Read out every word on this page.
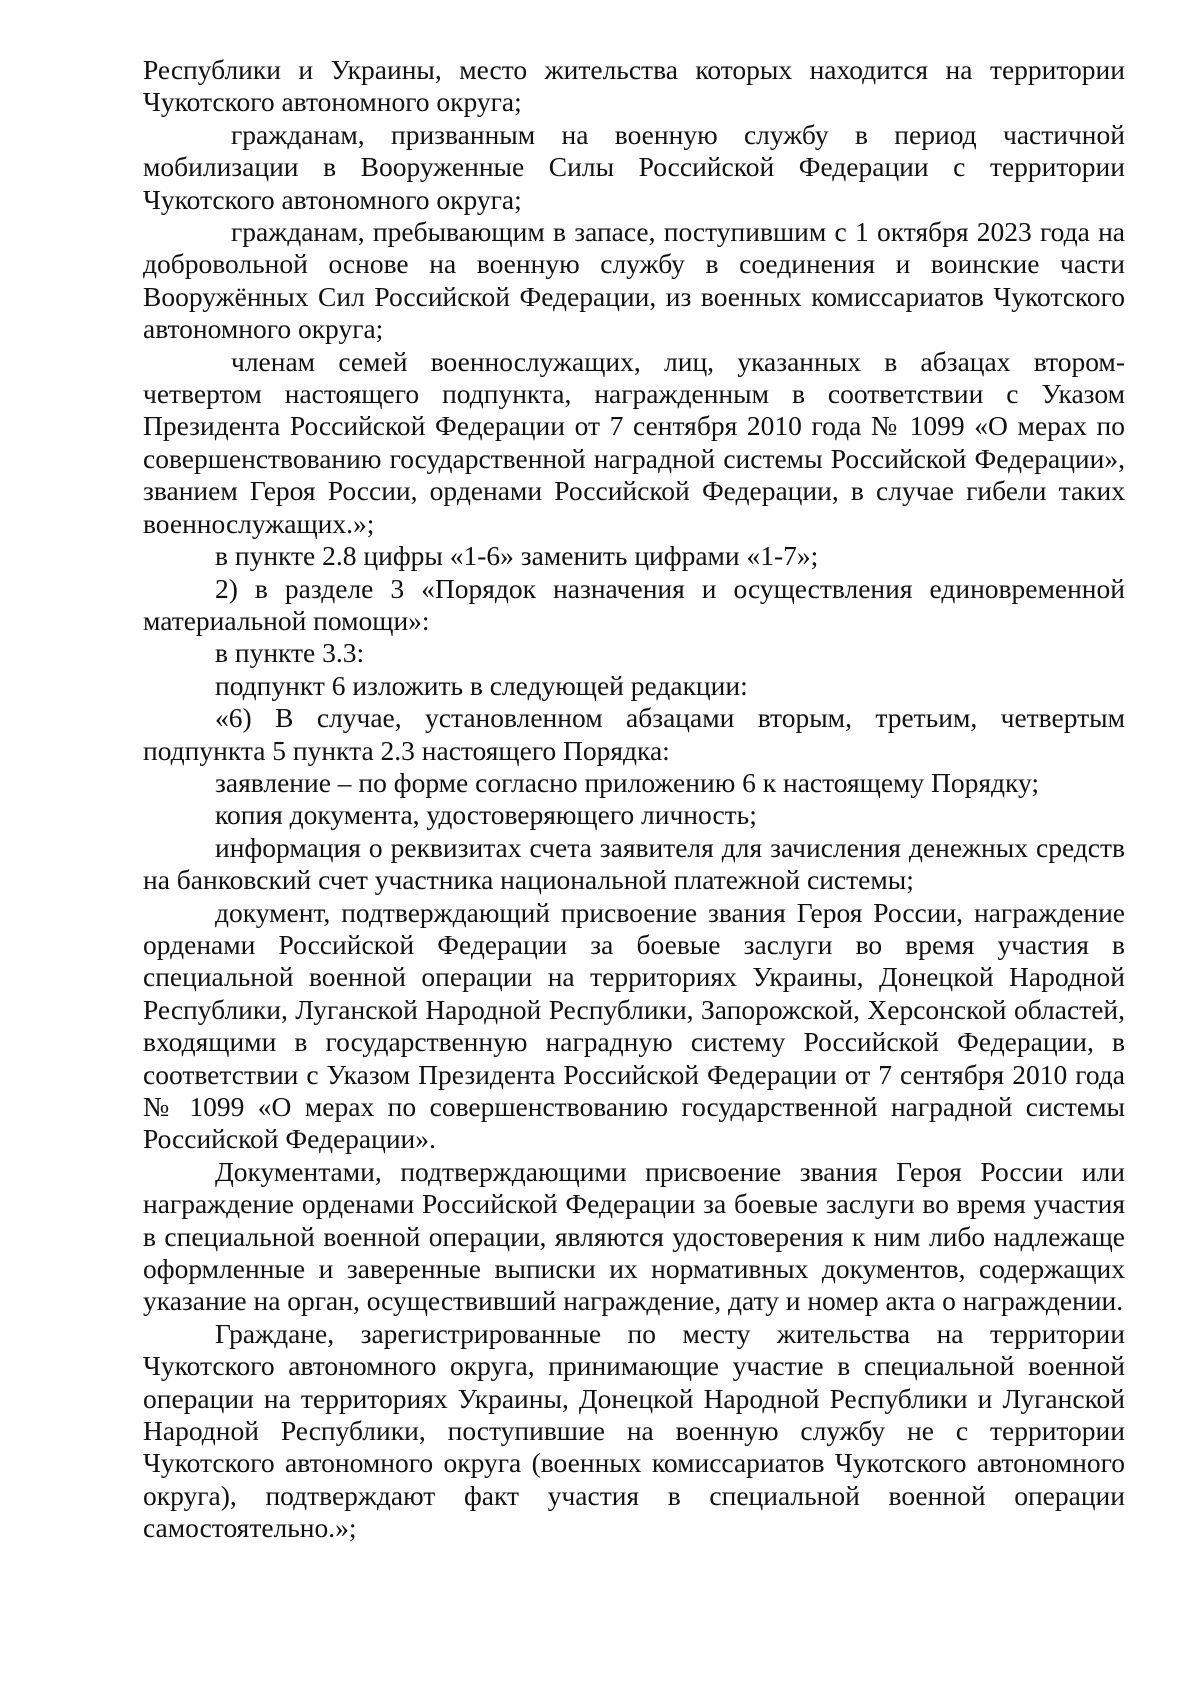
Республики и Украины, место жительства которых находится на территории Чукотского автономного округа;

гражданам, призванным на военную службу в период частичной мобилизации в Вооруженные Силы Российской Федерации с территории Чукотского автономного округа;

гражданам, пребывающим в запасе, поступившим с 1 октября 2023 года на добровольной основе на военную службу в соединения и воинские части Вооружённых Сил Российской Федерации, из военных комиссариатов Чукотского автономного округа;

членам семей военнослужащих, лиц, указанных в абзацах втором-четвертом настоящего подпункта, награжденным в соответствии с Указом Президента Российской Федерации от 7 сентября 2010 года № 1099 «О мерах по совершенствованию государственной наградной системы Российской Федерации», званием Героя России, орденами Российской Федерации, в случае гибели таких военнослужащих.»;

в пункте 2.8 цифры «1-6» заменить цифрами «1-7»;

2) в разделе 3 «Порядок назначения и осуществления единовременной материальной помощи»:

в пункте 3.3:

подпункт 6 изложить в следующей редакции:

«6) В случае, установленном абзацами вторым, третьим, четвертым подпункта 5 пункта 2.3 настоящего Порядка:

заявление – по форме согласно приложению 6 к настоящему Порядку;

копия документа, удостоверяющего личность;

информация о реквизитах счета заявителя для зачисления денежных средств на банковский счет участника национальной платежной системы;

документ, подтверждающий присвоение звания Героя России, награждение орденами Российской Федерации за боевые заслуги во время участия в специальной военной операции на территориях Украины, Донецкой Народной Республики, Луганской Народной Республики, Запорожской, Херсонской областей, входящими в государственную наградную систему Российской Федерации, в соответствии с Указом Президента Российской Федерации от 7 сентября 2010 года № 1099 «О мерах по совершенствованию государственной наградной системы Российской Федерации».

Документами, подтверждающими присвоение звания Героя России или награждение орденами Российской Федерации за боевые заслуги во время участия в специальной военной операции, являются удостоверения к ним либо надлежаще оформленные и заверенные выписки их нормативных документов, содержащих указание на орган, осуществивший награждение, дату и номер акта о награждении.

Граждане, зарегистрированные по месту жительства на территории Чукотского автономного округа, принимающие участие в специальной военной операции на территориях Украины, Донецкой Народной Республики и Луганской Народной Республики, поступившие на военную службу не с территории Чукотского автономного округа (военных комиссариатов Чукотского автономного округа), подтверждают факт участия в специальной военной операции самостоятельно.»;
